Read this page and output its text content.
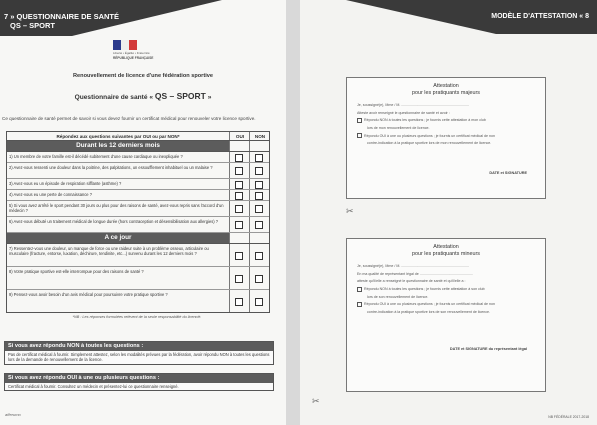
7 » QUESTIONNAIRE DE SANTÉ
QS – SPORT
Liberté • Égalité • Fraternité
RÉPUBLIQUE FRANÇAISE
Renouvellement de licence d'une fédération sportive
Questionnaire de santé « QS – SPORT »
Ce questionnaire de santé permet de savoir si vous devez fournir un certificat médical pour renouveler votre licence sportive.
Répondez aux questions suivantes par OUI ou par NON*	OUI	NON
Durant les 12 derniers mois
1) Un membre de votre famille est-il décédé subitement d'une cause cardiaque ou inexpliquée ?
2) Avez-vous ressenti une douleur dans la poitrine, des palpitations, un essoufflement inhabituel ou un malaise ?
3) Avez-vous eu un épisode de respiration sifflante (asthme) ?
4) Avez-vous eu une perte de connaissance ?
5) Si vous avez arrêté le sport pendant 30 jours ou plus pour des raisons de santé, avez-vous repris sans l'accord d'un médecin ?
6) Avez-vous débuté un traitement médical de longue durée (hors contraception et désensibilisation aux allergies) ?
A ce jour
7) Ressentez-vous une douleur, un manque de force ou une raideur suite à un problème osseux, articulaire ou musculaire (fracture, entorse, luxation, déchirure, tendinite, etc...) survenu durant les 12 derniers mois ?
8) Votre pratique sportive est-elle interrompue pour des raisons de santé ?
9) Pensez-vous avoir besoin d'un avis médical pour poursuivre votre pratique sportive ?
*NB : Les réponses formulées relèvent de la seule responsabilité du licencié.
Si vous avez répondu NON à toutes les questions :
Pas de certificat médical à fournir. Simplement attestez, selon les modalités prévues par la fédération, avoir répondu NON à toutes les questions lors de la demande de renouvellement de la licence.
Si vous avez répondu OUI à une ou plusieurs questions :
Certificat médical à fournir. Consultez un médecin et présentez-lui ce questionnaire renseigné.
afferumo
MODÈLE D'ATTESTATION « 8
Attestation
pour les pratiquants majeurs
Je, soussigné(e), Mme / M. ....................................................................
Atteste avoir renseigné le questionnaire de santé et avoir :
Répondu NON à toutes les questions ; je fournis cette attestation à mon club
lors de mon renouvellement de licence.
Répondu OUI à une ou plusieurs questions ; je fournis un certificat médical de non
contre-indication à la pratique sportive lors de mon renouvellement de licence.
DATE et SIGNATURE
✂
Attestation
pour les pratiquants mineurs
Je, soussigné(e), Mme / M. ....................................................................
En ma qualité de représentant légal de .....................................................
atteste qu'il/elle a renseigné le questionnaire de santé et qu'il/elle a :
Répondu NON à toutes les questions ; je fournis cette attestation à son club
lors de son renouvellement de licence.
Répondu OUI à une ou plusieurs questions ; je fournis un certificat médical de non
contre-indication à la pratique sportive lors de son renouvellement de licence.
DATE et SIGNATURE du représentant légal
✂
NB FÉDÉRALE 2017-2018
